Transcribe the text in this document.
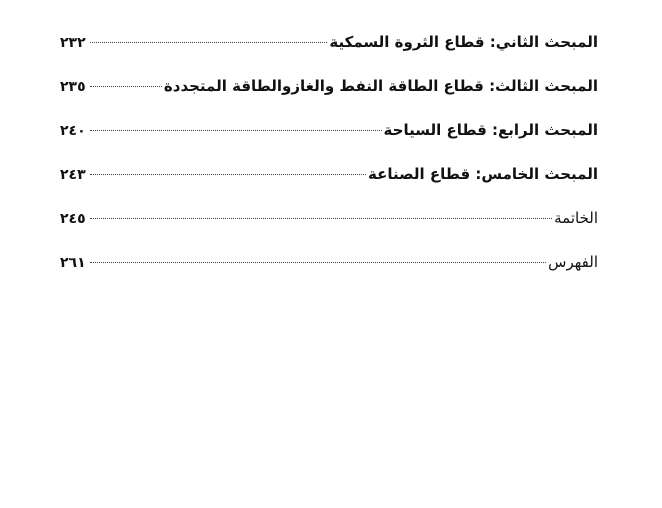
المبحث الثاني: قطاع الثروة السمكية
٢٣٢
المبحث الثالث: قطاع الطاقة النفط والغازوالطاقة المتجددة
٢٣٥
المبحث الرابع: قطاع السياحة
٢٤٠
المبحث الخامس: قطاع الصناعة
٢٤٣
الخاتمة
٢٤٥
الفهرس
٢٦١
